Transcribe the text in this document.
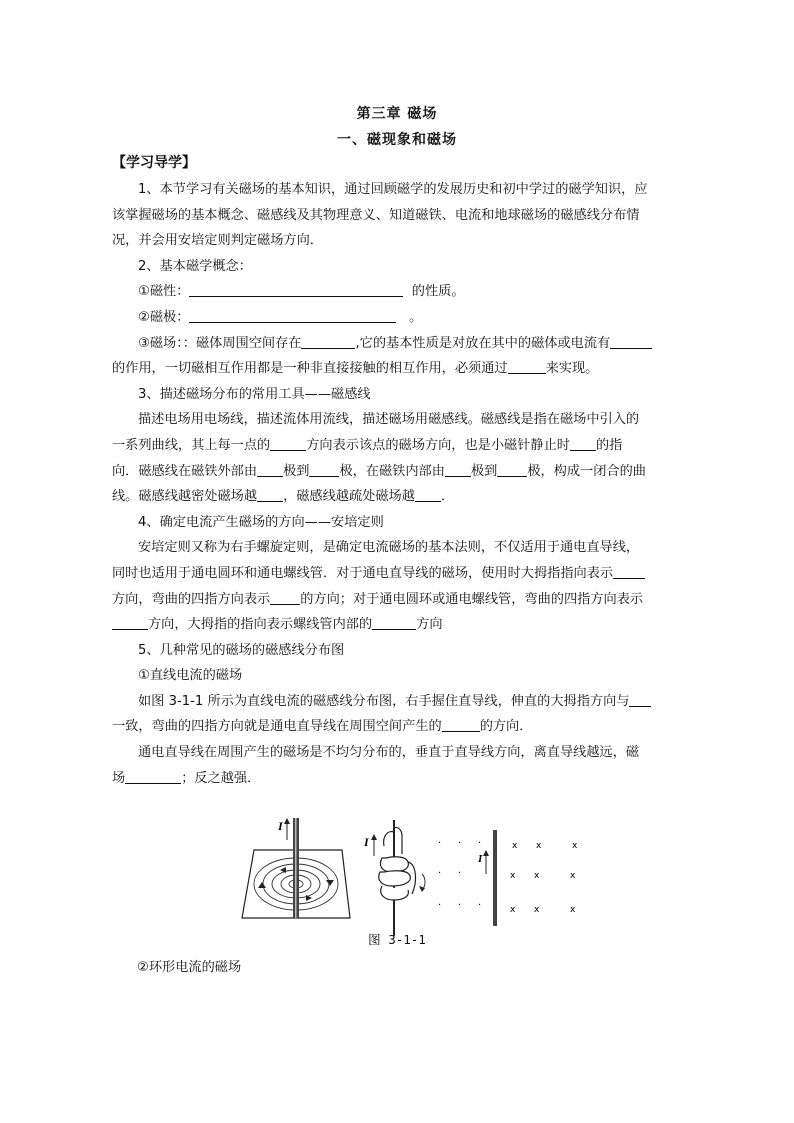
第三章 磁场
一、磁现象和磁场
【学习导学】

1、本节学习有关磁场的基本知识，通过回顾磁学的发展历史和初中学过的磁学知识，应

该掌握磁场的基本概念、磁感线及其物理意义、知道磁铁、电流和地球磁场的磁感线分布情

况，并会用安培定则判定磁场方向．

2、基本磁学概念：

①磁性：	的性质。

②磁极：	。

③磁场：：磁体周围空间存在	,它的基本性质是对放在其中的磁体或电流有

的作用，一切磁相互作用都是一种非直接接触的相互作用，必须通过	来实现。

3、描述磁场分布的常用工具——磁感线

描述电场用电场线，描述流体用流线，描述磁场用磁感线。磁感线是指在磁场中引入的

一系列曲线，其上每一点的	方向表示该点的磁场方向，也是小磁针静止时 的指

向．磁感线在磁铁外部由 极到 极，在磁铁内部由 极到 极，构成一闭合的曲

线。磁感线越密处磁场越 ，磁感线越疏处磁场越 ．

4、确定电流产生磁场的方向——安培定则

安培定则又称为右手螺旋定则，是确定电流磁场的基本法则，不仅适用于通电直导线，

同时也适用于通电圆环和通电螺线管．对于通电直导线的磁场，使用时大拇指指向表示

方向，弯曲的四指方向表示 的方向；对于通电圆环或通电螺线管，弯曲的四指方向表示

方向，大拇指的指向表示螺线管内部的	方向

5、几种常见的磁场的磁感线分布图

①直线电流的磁场

如图 3-1-1 所示为直线电流的磁感线分布图，右手握住直导线，伸直的大拇指方向与

一致，弯曲的四指方向就是通电直导线在周围空间产生的	的方向．

通电直导线在周围产生的磁场是不均匀分布的，垂直于直导线方向，离直导线越远，磁

场	；反之越强．

I
I	· · ·
· ·
· · ·
I
x x	x
x x	x
x x	x
图 3-1-1
②环形电流的磁场
